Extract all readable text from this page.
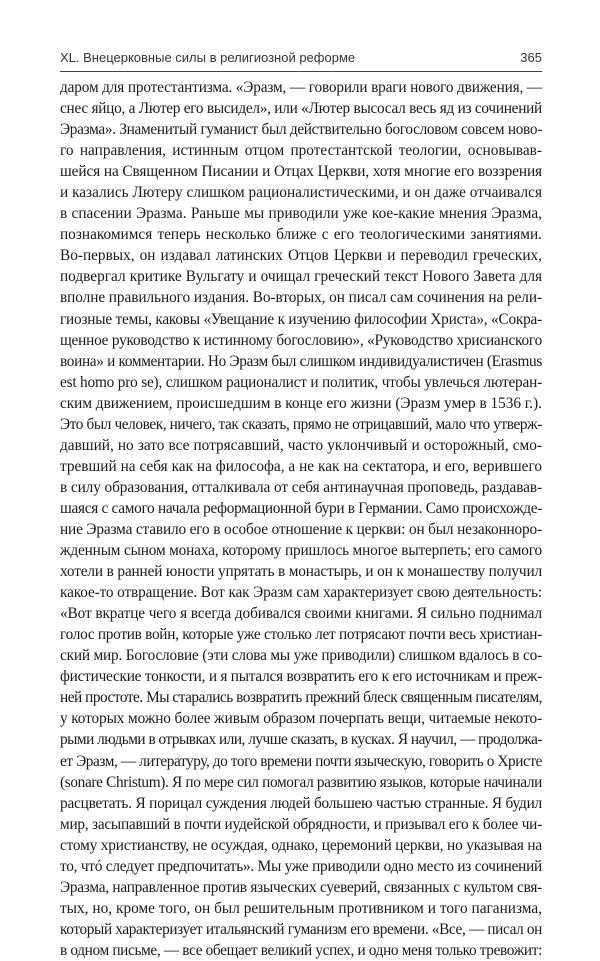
XL. Внецерковные силы в религиозной реформе	365
даром для протестантизма. «Эразм, — говорили враги нового движения, —
снес яйцо, а Лютер его высидел», или «Лютер высосал весь яд из сочинений
Эразма». Знаменитый гуманист был действительно богословом совсем ново-
го направления, истинным отцом протестантской теологии, основывав-
шейся на Священном Писании и Отцах Церкви, хотя многие его воззрения
и казались Лютеру слишком рационалистическими, и он даже отчаивался
в спасении Эразма. Раньше мы приводили уже кое-какие мнения Эразма,
познакомимся теперь несколько ближе с его теологическими занятиями.
Во-первых, он издавал латинских Отцов Церкви и переводил греческих,
подвергал критике Вульгату и очищал греческий текст Нового Завета для
вполне правильного издания. Во-вторых, он писал сам сочинения на рели-
гиозные темы, каковы «Увещание к изучению философии Христа», «Сокра-
щенное руководство к истинному богословию», «Руководство хрисианского
воина» и комментарии. Но Эразм был слишком индивидуалистичен (Erasmus
est homo pro se), слишком рационалист и политик, чтобы увлечься лютеран-
ским движением, происшедшим в конце его жизни (Эразм умер в 1536 г.).
Это был человек, ничего, так сказать, прямо не отрицавший, мало что утверж-
давший, но зато все потрясавший, часто уклончивый и осторожный, смо-
тревший на себя как на философа, а не как на сектатора, и его, верившего
в силу образования, отталкивала от себя антинаучная проповедь, раздавав-
шаяся с самого начала реформационной бури в Германии. Само происхожде-
ние Эразма ставило его в особое отношение к церкви: он был незаконноро-
жденным сыном монаха, которому пришлось многое вытерпеть; его самого
хотели в ранней юности упрятать в монастырь, и он к монашеству получил
какое-то отвращение. Вот как Эразм сам характеризует свою деятельность:
«Вот вкратце чего я всегда добивался своими книгами. Я сильно поднимал
голос против войн, которые уже столько лет потрясают почти весь христиан-
ский мир. Богословие (эти слова мы уже приводили) слишком вдалось в со-
фистические тонкости, и я пытался возвратить его к его источникам и преж-
ней простоте. Мы старались возвратить прежний блеск священным писателям,
у которых можно более живым образом почерпать вещи, читаемые некото-
рыми людьми в отрывках или, лучше сказать, в кусках. Я научил, — продолжа-
ет Эразм, — литературу, до того времени почти языческую, говорить о Христе
(sonare Christum). Я по мере сил помогал развитию языков, которые начинали
расцветать. Я порицал суждения людей большею частью странные. Я будил
мир, засыпавший в почти иудейской обрядности, и призывал его к более чи-
стому христианству, не осуждая, однако, церемоний церкви, но указывая на
то, чтó следует предпочитать». Мы уже приводили одно место из сочинений
Эразма, направленное против языческих суеверий, связанных с культом свя-
тых, но, кроме того, он был решительным противником и того паганизма,
который характеризует итальянский гуманизм его времени. «Все, — писал он
в одном письме, — все обещает великий успех, и одно меня только тревожит:
